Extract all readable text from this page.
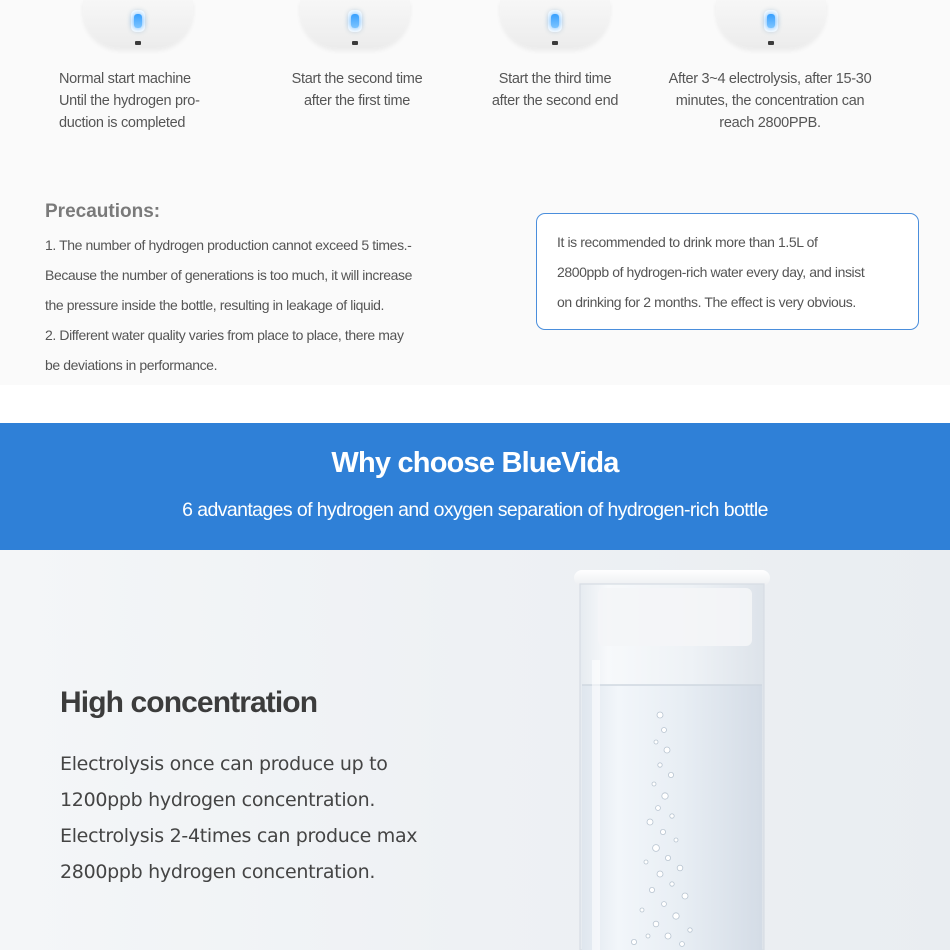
Normal start machine
Until the hydrogen pro-
duction is completed
Start the second time
after the first time
Start the third time
after the second end
After 3~4 electrolysis, after 15-30
minutes, the concentration can
reach 2800PPB.
Precautions:
1. The number of hydrogen production cannot exceed 5 times.-
Because the number of generations is too much, it will increase
the pressure inside the bottle, resulting in leakage of liquid.
2. Different water quality varies from place to place, there may
be deviations in performance.
It is recommended to drink more than 1.5L of
2800ppb of hydrogen-rich water every day, and insist
on drinking for 2 months. The effect is very obvious.
Why choose BlueVida

6 advantages of hydrogen and oxygen separation of hydrogen-rich bottle

High concentration
Electrolysis once can produce up to
1200ppb hydrogen concentration.
Electrolysis 2-4times can produce max
2800ppb hydrogen concentration.
